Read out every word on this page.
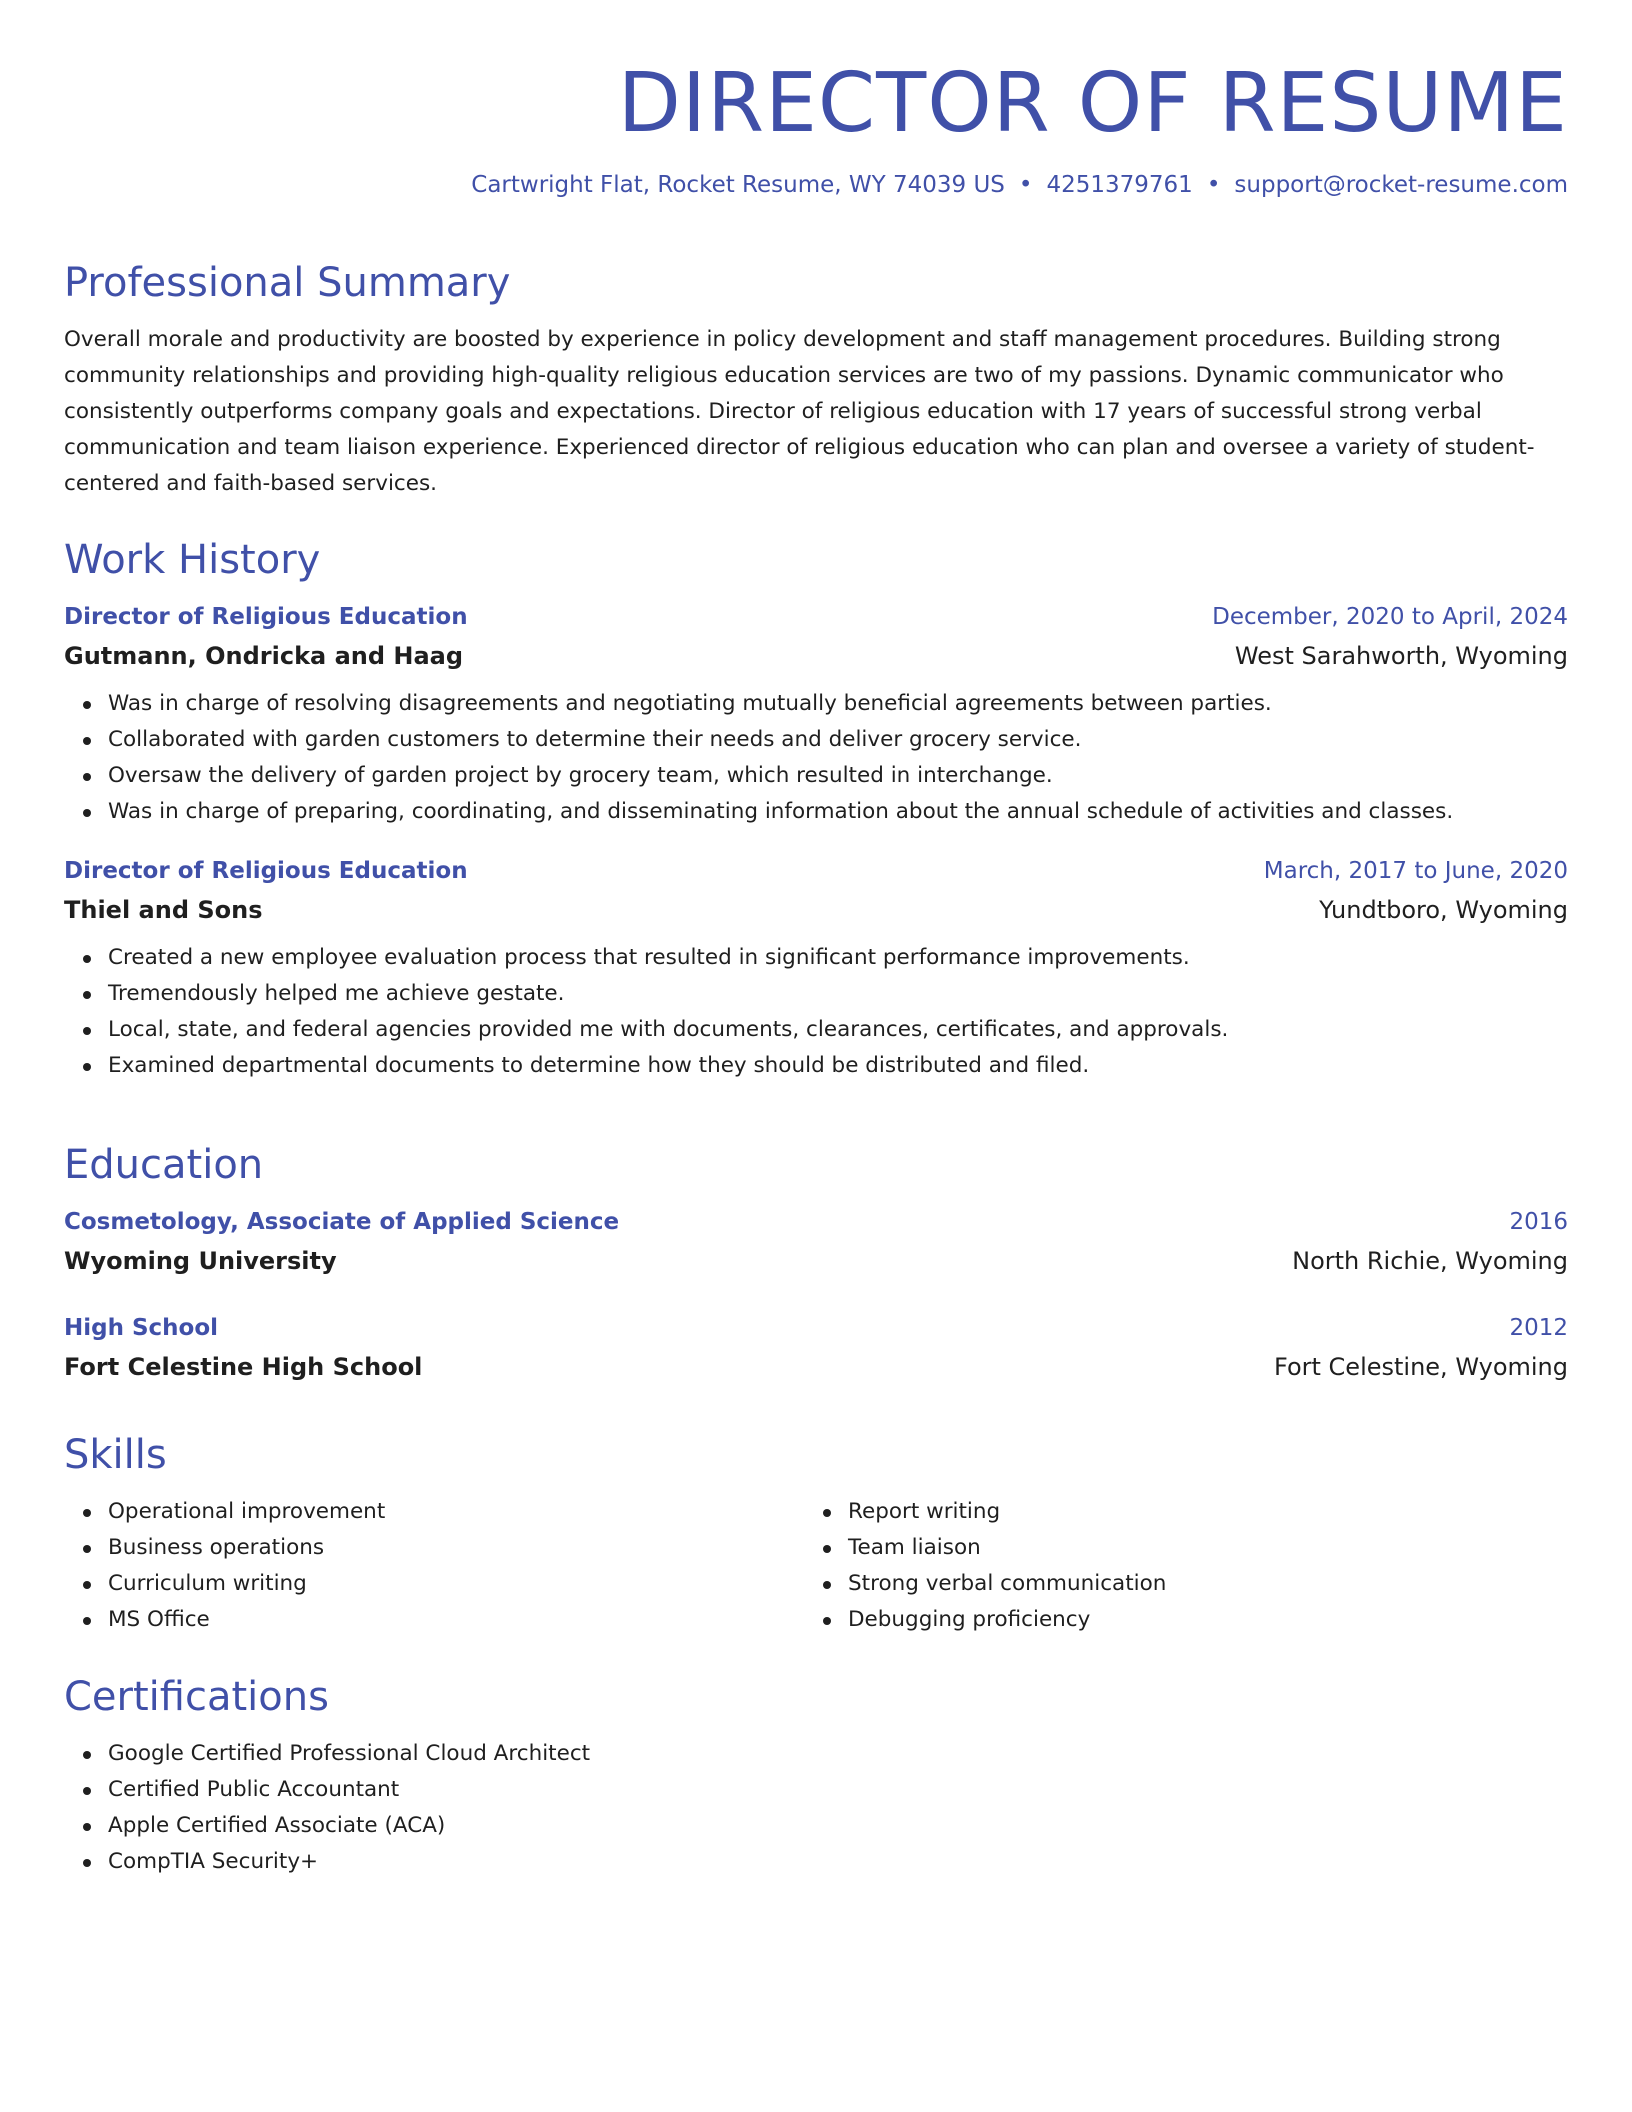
DIRECTOR OF RESUME
Cartwright Flat, Rocket Resume, WY 74039 US • 4251379761 • support@rocket-resume.com
Professional Summary

Overall morale and productivity are boosted by experience in policy development and staff management procedures. Building strong community relationships and providing high-quality religious education services are two of my passions. Dynamic communicator who consistently outperforms company goals and expectations. Director of religious education with 17 years of successful strong verbal communication and team liaison experience. Experienced director of religious education who can plan and oversee a variety of student-centered and faith-based services.

Work History
Director of Religious Education	December, 2020 to April, 2024
Gutmann, Ondricka and Haag	West Sarahworth, Wyoming
Was in charge of resolving disagreements and negotiating mutually beneficial agreements between parties.
Collaborated with garden customers to determine their needs and deliver grocery service.
Oversaw the delivery of garden project by grocery team, which resulted in interchange.
Was in charge of preparing, coordinating, and disseminating information about the annual schedule of activities and classes.
Director of Religious Education	March, 2017 to June, 2020
Thiel and Sons	Yundtboro, Wyoming
Created a new employee evaluation process that resulted in significant performance improvements.
Tremendously helped me achieve gestate.
Local, state, and federal agencies provided me with documents, clearances, certificates, and approvals.
Examined departmental documents to determine how they should be distributed and filed.
Education
Cosmetology, Associate of Applied Science	2016
Wyoming University	North Richie, Wyoming
High School	2012
Fort Celestine High School	Fort Celestine, Wyoming
Skills
Operational improvement
Business operations
Curriculum writing
MS Office
Report writing
Team liaison
Strong verbal communication
Debugging proficiency
Certifications
Google Certified Professional Cloud Architect
Certified Public Accountant
Apple Certified Associate (ACA)
CompTIA Security+
